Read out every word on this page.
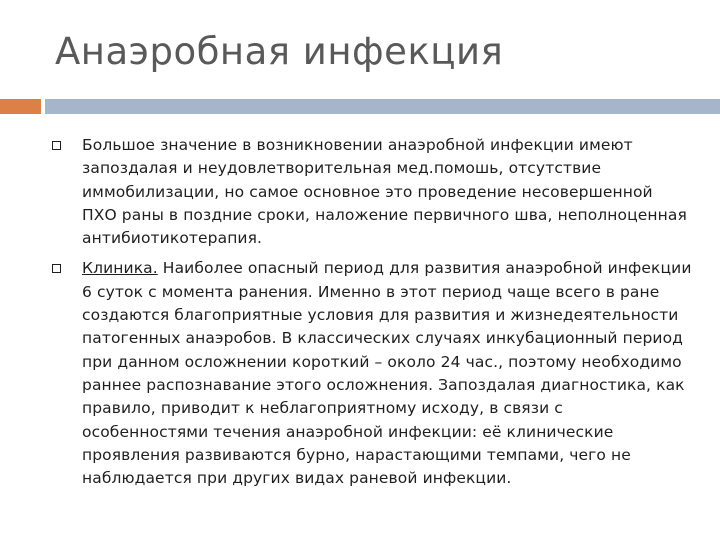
Анаэробная инфекция
Большое значение в возникновении анаэробной инфекции имеют запоздалая и неудовлетворительная мед.помошь, отсутствие иммобилизации, но самое основное это проведение несовершенной ПХО раны в поздние сроки, наложение первичного шва, неполноценная антибиотикотерапия.
Клиника. Наиболее опасный период для развития анаэробной инфекции 6 суток с момента ранения. Именно в этот период чаще всего в ране создаются благоприятные условия для развития и жизнедеятельности патогенных анаэробов. В классических случаях инкубационный период при данном осложнении короткий – около 24 час., поэтому необходимо раннее распознавание этого осложнения. Запоздалая диагностика, как правило, приводит к неблагоприятному исходу, в связи с особенностями течения анаэробной инфекции: её клинические проявления развиваются бурно, нарастающими темпами, чего не наблюдается при других видах раневой инфекции.
